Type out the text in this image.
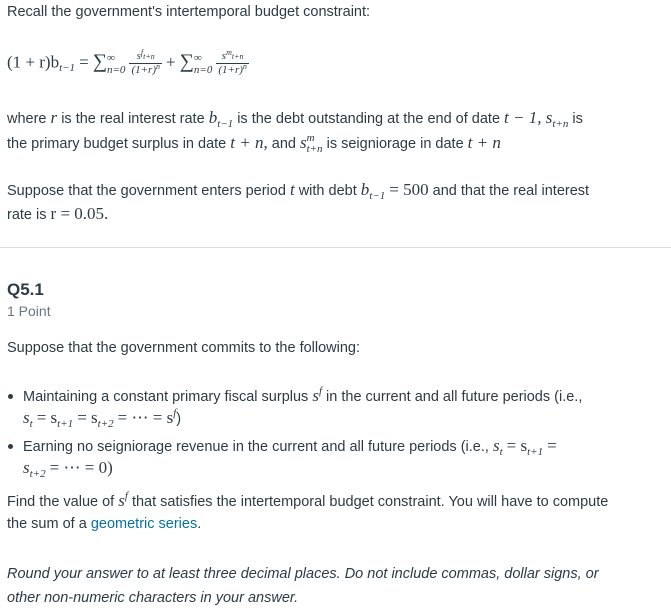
Recall the government's intertemporal budget constraint:
$(1 + r)b_{t-1}$ = ∑ ∞
n=0
$\frac{s^ft+n}{(1+r)^n}$ + ∑ ∞
n=0
$\frac{s^mt+n}{(1+r)^n}$
where r is the real interest rate $b_{t-1}$ is the debt outstanding at the end of date t − 1, $s_{t+n}$ is
the primary budget surplus in date t + n, and $s^m_{t+n}$ is seigniorage in date t + n
Suppose that the government enters period t with debt $b_{t-1} = 500$ and that the real interest
rate is r = 0.05.
Q5.1
1 Point
Suppose that the government commits to the following:
Maintaining a constant primary fiscal surplus $s^f$ in the current and all future periods (i.e.,
$s_t = s_{t+1} = s_{t+2}$ = ⋯ = $s^f$)
Earning no seigniorage revenue in the current and all future periods (i.e., $s_t = s_{t+1}$ =
$s_{t+2}$ = ⋯ = 0)
Find the value of $s^f$ that satisfies the intertemporal budget constraint. You will have to compute
the sum of a geometric series.
Round your answer to at least three decimal places. Do not include commas, dollar signs, or
other non-numeric characters in your answer.
